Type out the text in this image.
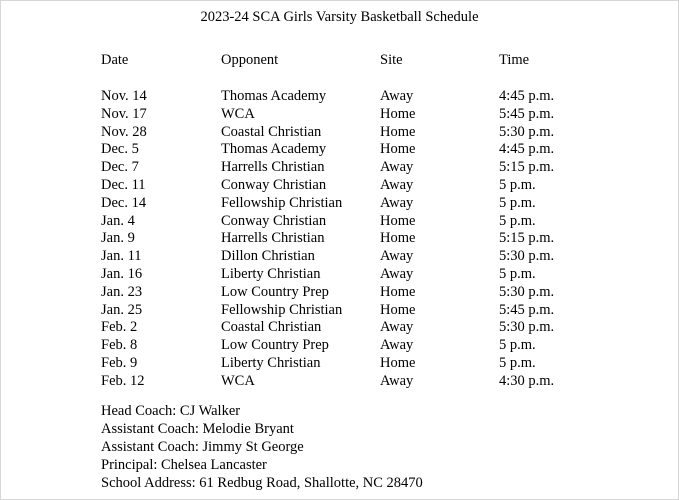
2023-24 SCA Girls Varsity Basketball Schedule
Date	Opponent	Site	Time
Nov. 14	Thomas Academy	Away	4:45 p.m.
Nov. 17	WCA	Home	5:45 p.m.
Nov. 28	Coastal Christian	Home	5:30 p.m.
Dec. 5	Thomas Academy	Home	4:45 p.m.
Dec. 7	Harrells Christian	Away	5:15 p.m.
Dec. 11	Conway Christian	Away	5 p.m.
Dec. 14	Fellowship Christian	Away	5 p.m.
Jan. 4	Conway Christian	Home	5 p.m.
Jan. 9	Harrells Christian	Home	5:15 p.m.
Jan. 11	Dillon Christian	Away	5:30 p.m.
Jan. 16	Liberty Christian	Away	5 p.m.
Jan. 23	Low Country Prep	Home	5:30 p.m.
Jan. 25	Fellowship Christian	Home	5:45 p.m.
Feb. 2	Coastal Christian	Away	5:30 p.m.
Feb. 8	Low Country Prep	Away	5 p.m.
Feb. 9	Liberty Christian	Home	5 p.m.
Feb. 12	WCA	Away	4:30 p.m.
Head Coach: CJ Walker
Assistant Coach: Melodie Bryant
Assistant Coach: Jimmy St George
Principal: Chelsea Lancaster
School Address: 61 Redbug Road, Shallotte, NC 28470
